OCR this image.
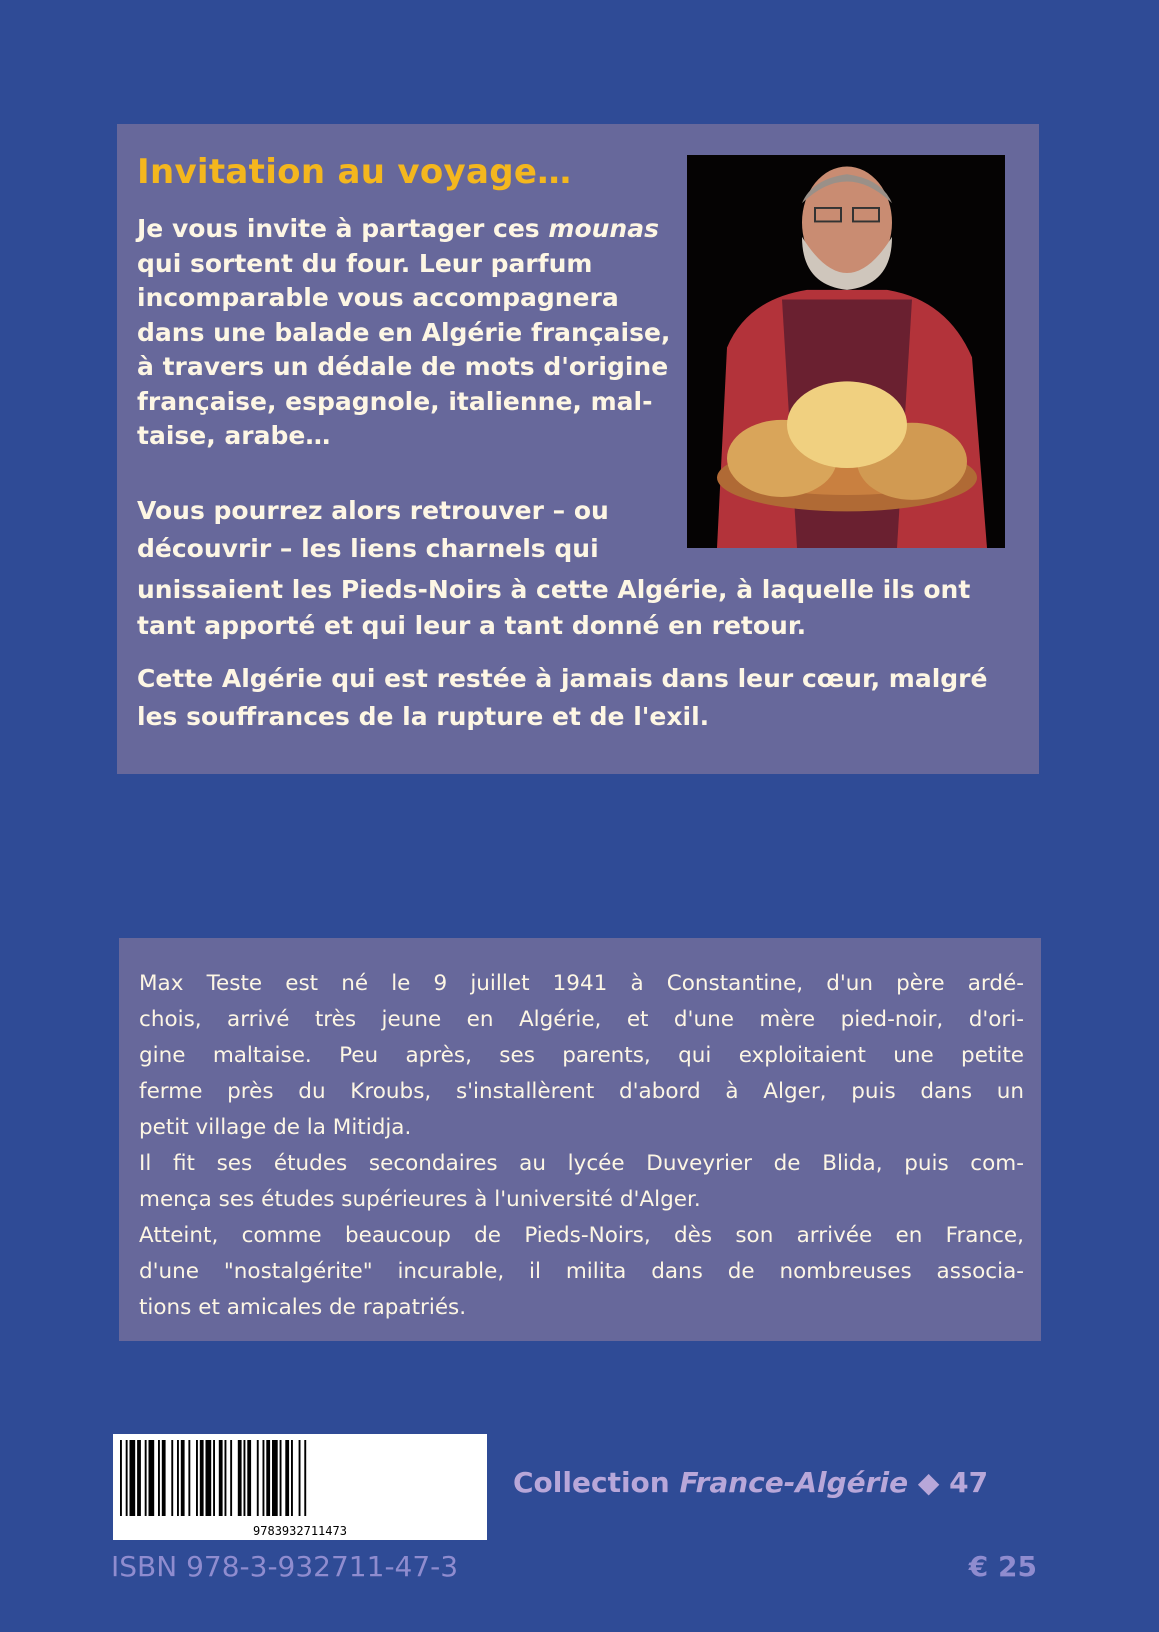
Invitation au voyage…
Je vous invite à partager ces mounas
qui sortent du four. Leur parfum
incomparable vous accompagnera
dans une balade en Algérie française,
à travers un dédale de mots d'origine
française, espagnole, italienne, mal-
taise, arabe…
Vous pourrez alors retrouver – ou
découvrir – les liens charnels qui
unissaient les Pieds-Noirs à cette Algérie, à laquelle ils ont
tant apporté et qui leur a tant donné en retour.
Cette Algérie qui est restée à jamais dans leur cœur, malgré
les souffrances de la rupture et de l'exil.
Max Teste est né le 9 juillet 1941 à Constantine, d'un père ardé-
chois, arrivé très jeune en Algérie, et d'une mère pied-noir, d'ori-
gine maltaise. Peu après, ses parents, qui exploitaient une petite
ferme près du Kroubs, s'installèrent d'abord à Alger, puis dans un
petit village de la Mitidja.
Il fit ses études secondaires au lycée Duveyrier de Blida, puis com-
mença ses études supérieures à l'université d'Alger.
Atteint, comme beaucoup de Pieds-Noirs, dès son arrivée en France,
d'une "nostalgérite" incurable, il milita dans de nombreuses associa-
tions et amicales de rapatriés.
9783932711473
Collection France-Algérie ◆ 47
ISBN 978-3-932711-47-3	€ 25
